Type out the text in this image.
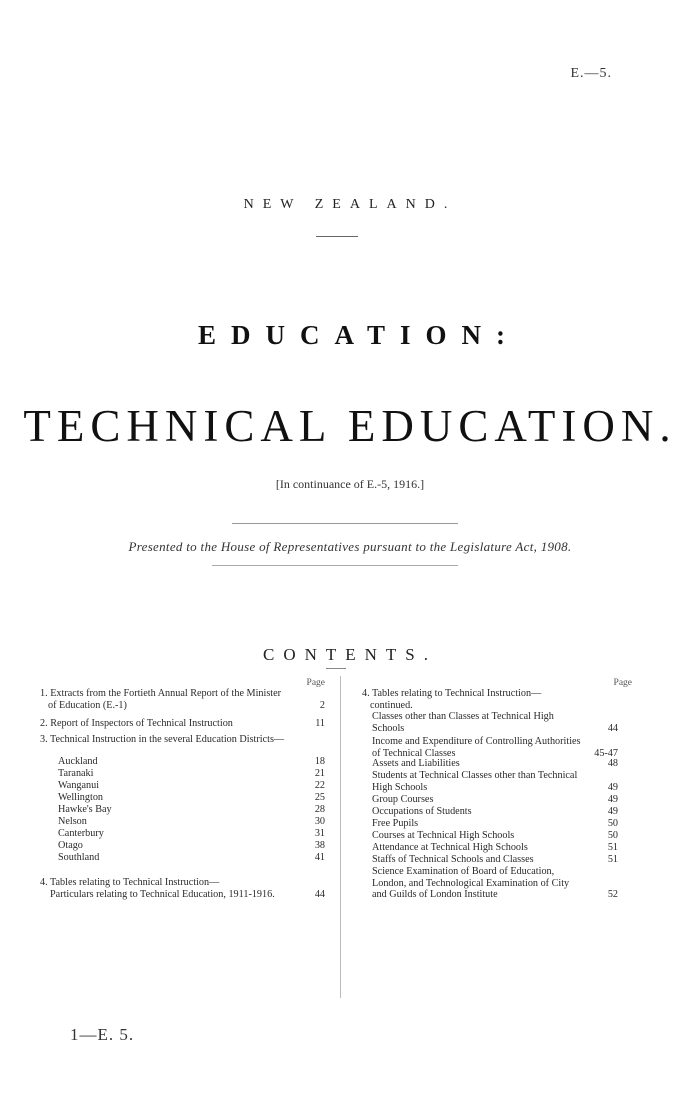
E.—5.
NEW ZEALAND.
EDUCATION:
TECHNICAL EDUCATION.
[In continuance of E.-5, 1916.]
Presented to the House of Representatives pursuant to the Legislature Act, 1908.
CONTENTS.
Page
1. Extracts from the Fortieth Annual Report of the Minister of Education (E.-1)	2
2. Report of Inspectors of Technical Instruction	11
3. Technical Instruction in the several Education Districts—
Auckland	18
Taranaki	21
Wanganui	22
Wellington	25
Hawke's Bay	28
Nelson	30
Canterbury	31
Otago	38
Southland	41
4. Tables relating to Technical Instruction—
Particulars relating to Technical Education, 1911-1916.	44
Page
4. Tables relating to Technical Instruction— continued.
Classes other than Classes at Technical High Schools	44
Income and Expenditure of Controlling Authorities of Technical Classes	45-47
Assets and Liabilities	48
Students at Technical Classes other than Technical High Schools	49
Group Courses	49
Occupations of Students	49
Free Pupils	50
Courses at Technical High Schools	50
Attendance at Technical High Schools	51
Staffs of Technical Schools and Classes	51
Science Examination of Board of Education, London, and Technological Examination of City and Guilds of London Institute	52
1—E. 5.
